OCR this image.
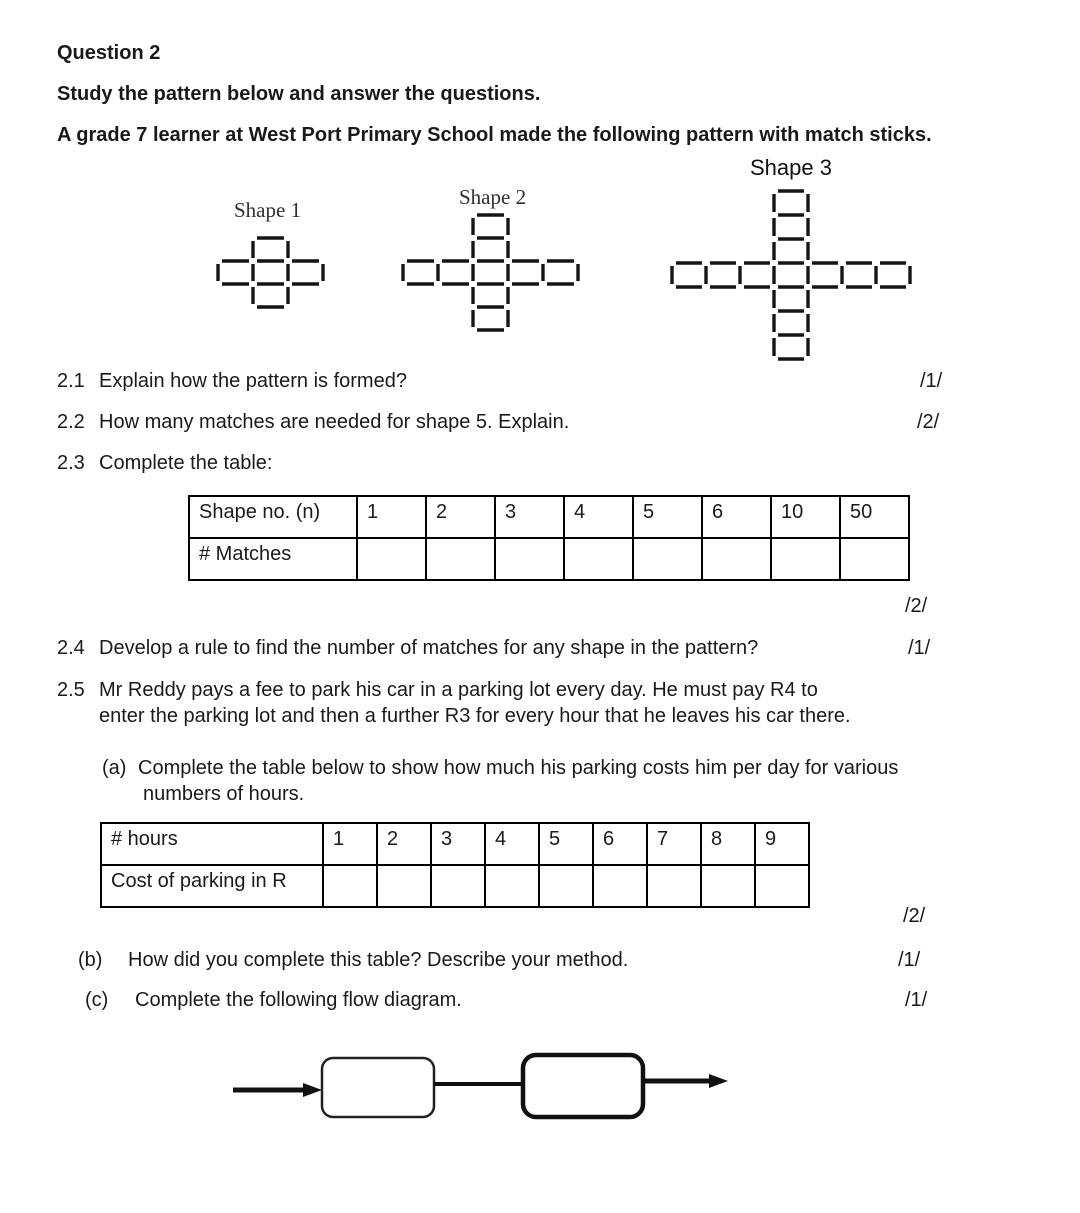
Question 2
Study the pattern below and answer the questions.
A grade 7 learner at West Port Primary School made the following pattern with match sticks.
Shape 3
Shape 1
Shape 2
2.1 Explain how the pattern is formed?	/1/
2.2 How many matches are needed for shape 5. Explain.	/2/
2.3 Complete the table:
Shape no. (n)	1	2	3	4	5	6	10	50
# Matches								
/2/
2.4 Develop a rule to find the number of matches for any shape in the pattern?	/1/
2.5 Mr Reddy pays a fee to park his car in a parking lot every day. He must pay R4 to
enter the parking lot and then a further R3 for every hour that he leaves his car there.
(a) Complete the table below to show how much his parking costs him per day for various
numbers of hours.
# hours	1	2	3	4	5	6	7	8	9
Cost of parking in R									
/2/
(b) How did you complete this table? Describe your method.	/1/
(c) Complete the following flow diagram.	/1/
